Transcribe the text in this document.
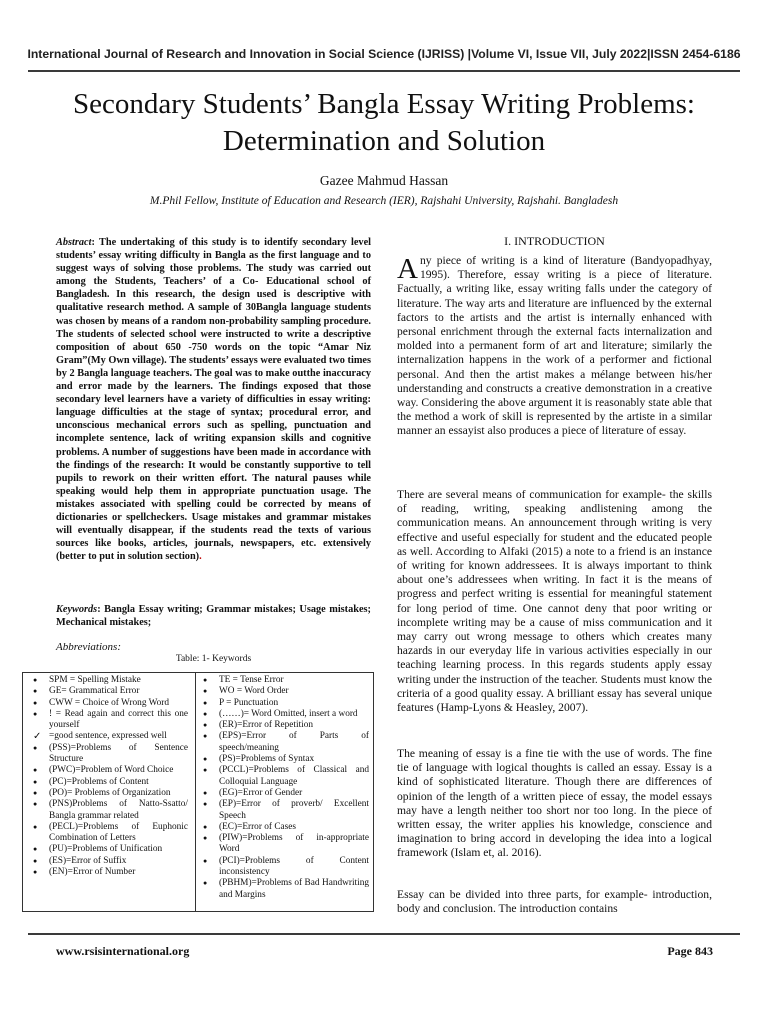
International Journal of Research and Innovation in Social Science (IJRISS) |Volume VI, Issue VII, July 2022|ISSN 2454-6186
Secondary Students’ Bangla Essay Writing Problems:
Determination and Solution
Gazee Mahmud Hassan
M.Phil Fellow, Institute of Education and Research (IER), Rajshahi University, Rajshahi. Bangladesh
Abstract: The undertaking of this study is to identify secondary level students’ essay writing difficulty in Bangla as the first language and to suggest ways of solving those problems. The study was carried out among the Students, Teachers’ of a Co- Educational school of Bangladesh. In this research, the design used is descriptive with qualitative research method. A sample of 30Bangla language students was chosen by means of a random non-probability sampling procedure. The students of selected school were instructed to write a descriptive composition of about 650 -750 words on the topic “Amar Niz Gram”(My Own village). The students’ essays were evaluated two times by 2 Bangla language teachers. The goal was to make outthe inaccuracy and error made by the learners. The findings exposed that those secondary level learners have a variety of difficulties in essay writing: language difficulties at the stage of syntax; procedural error, and unconscious mechanical errors such as spelling, punctuation and incomplete sentence, lack of writing expansion skills and cognitive problems. A number of suggestions have been made in accordance with the findings of the research: It would be constantly supportive to tell pupils to rework on their written effort. The natural pauses while speaking would help them in appropriate punctuation usage. The mistakes associated with spelling could be corrected by means of dictionaries or spellcheckers. Usage mistakes and grammar mistakes will eventually disappear, if the students read the texts of various sources like books, articles, journals, newspapers, etc. extensively (better to put in solution section).
Keywords: Bangla Essay writing; Grammar mistakes; Usage mistakes; Mechanical mistakes;
Abbreviations:
Table: 1- Keywords
● SPM = Spelling Mistake
● GE= Grammatical Error
● CWW = Choice of Wrong Word
● ! = Read again and correct this one yourself
✓ =good sentence, expressed well
● (PSS)=Problems of Sentence Structure
● (PWC)=Problem of Word Choice
● (PC)=Problems of Content
● (PO)= Problems of Organization
● (PNS)Problems of Natto-Ssatto/ Bangla grammar related
● (PECL)=Problems of Euphonic Combination of Letters
● (PU)=Problems of Unification
● (ES)=Error of Suffix
● (EN)=Error of Number
● TE = Tense Error
● WO = Word Order
● P = Punctuation
● (……)= Word Omitted, insert a word
● (ER)=Error of Repetition
● (EPS)=Error of Parts of speech/meaning
● (PS)=Problems of Syntax
● (PCCL)=Problems of Classical and Colloquial Language
● (EG)=Error of Gender
● (EP)=Error of proverb/ Excellent Speech
● (EC)=Error of Cases
● (PIW)=Problems of in-appropriate Word
● (PCI)=Problems of Content inconsistency
● (PBHM)=Problems of Bad Handwriting and Margins
I. INTRODUCTION
Any piece of writing is a kind of literature (Bandyopadhyay, 1995). Therefore, essay writing is a piece of literature. Factually, a writing like, essay writing falls under the category of literature. The way arts and literature are influenced by the external factors to the artists and the artist is internally enhanced with personal enrichment through the external facts internalization and molded into a permanent form of art and literature; similarly the internalization happens in the work of a performer and fictional personal. And then the artist makes a mélange between his/her understanding and constructs a creative demonstration in a creative way. Considering the above argument it is reasonably state able that the method a work of skill is represented by the artiste in a similar manner an essayist also produces a piece of literature of essay.
There are several means of communication for example- the skills of reading, writing, speaking andlistening among the communication means. An announcement through writing is very effective and useful especially for student and the educated people as well. According to Alfaki (2015) a note to a friend is an instance of writing for known addressees. It is always important to think about one’s addressees when writing. In fact it is the means of progress and perfect writing is essential for meaningful statement for long period of time. One cannot deny that poor writing or incomplete writing may be a cause of miss communication and it may carry out wrong message to others which creates many hazards in our everyday life in various activities especially in our teaching learning process. In this regards students apply essay writing under the instruction of the teacher. Students must know the criteria of a good quality essay. A brilliant essay has several unique features (Hamp-Lyons & Heasley, 2007).
The meaning of essay is a fine tie with the use of words. The fine tie of language with logical thoughts is called an essay. Essay is a kind of sophisticated literature. Though there are differences of opinion of the length of a written piece of essay, the model essays may have a length neither too short nor too long. In the piece of written essay, the writer applies his knowledge, conscience and imagination to bring accord in developing the idea into a logical framework (Islam et, al. 2016).
Essay can be divided into three parts, for example- introduction, body and conclusion. The introduction contains
www.rsisinternational.org	Page 843
